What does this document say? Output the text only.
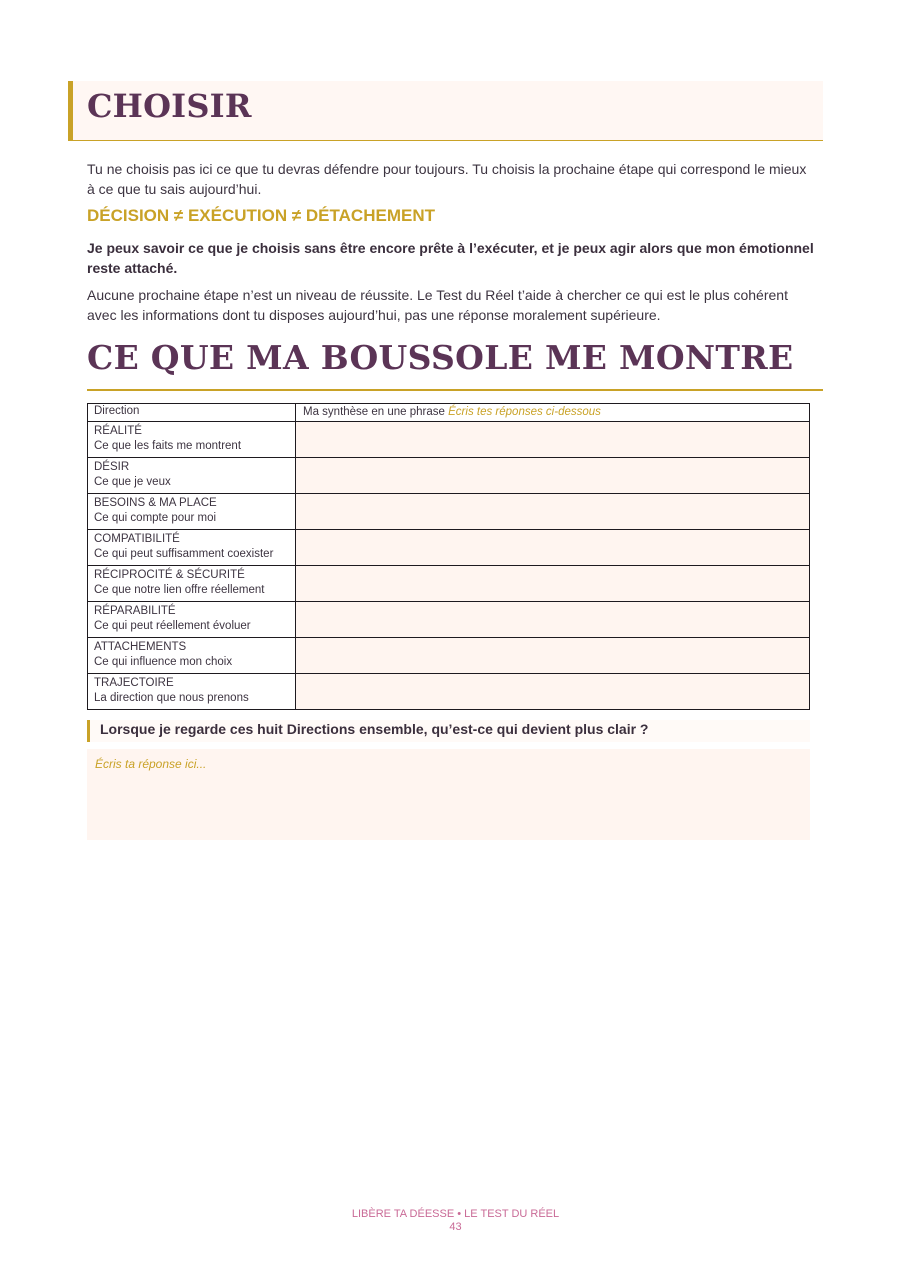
CHOISIR
Tu ne choisis pas ici ce que tu devras défendre pour toujours. Tu choisis la prochaine étape qui correspond le mieux à ce que tu sais aujourd’hui.
DÉCISION ≠ EXÉCUTION ≠ DÉTACHEMENT
Je peux savoir ce que je choisis sans être encore prête à l’exécuter, et je peux agir alors que mon émotionnel reste attaché.
Aucune prochaine étape n’est un niveau de réussite. Le Test du Réel t’aide à chercher ce qui est le plus cohérent avec les informations dont tu disposes aujourd’hui, pas une réponse moralement supérieure.
CE QUE MA BOUSSOLE ME MONTRE
Direction	Ma synthèse en une phrase Écris tes réponses ci-dessous
RÉALITÉ
Ce que les faits me montrent
DÉSIR
Ce que je veux
BESOINS & MA PLACE
Ce qui compte pour moi
COMPATIBILITÉ
Ce qui peut suffisamment coexister
RÉCIPROCITÉ & SÉCURITÉ
Ce que notre lien offre réellement
RÉPARABILITÉ
Ce qui peut réellement évoluer
ATTACHEMENTS
Ce qui influence mon choix
TRAJECTOIRE
La direction que nous prenons
Lorsque je regarde ces huit Directions ensemble, qu’est-ce qui devient plus clair ?
Écris ta réponse ici...
LIBÈRE TA DÉESSE • LE TEST DU RÉEL
43
